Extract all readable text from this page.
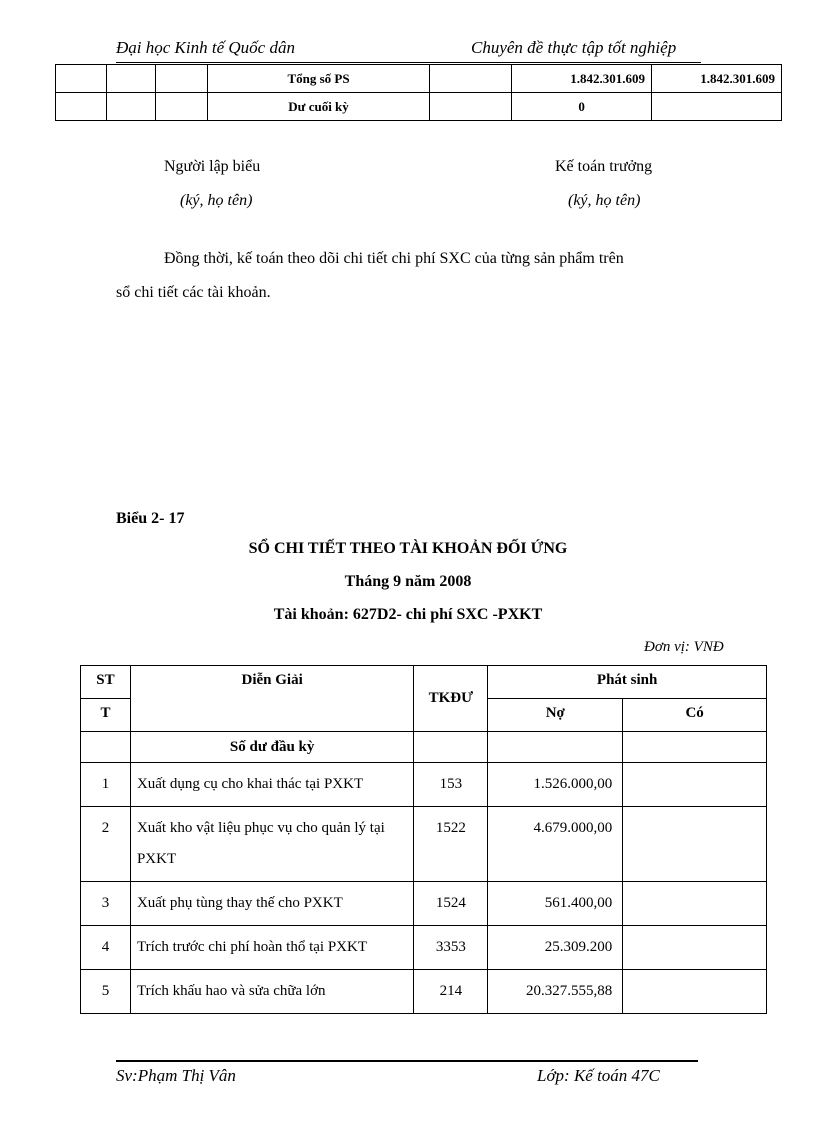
Đại học Kinh tế Quốc dân	Chuyên đề thực tập tốt nghiệp
			Tổng số PS		1.842.301.609	1.842.301.609
			Dư cuối kỳ		0	
Người lập biểu
(ký, họ tên)
Kế toán trưởng
(ký, họ tên)
Đồng thời, kế toán theo dõi chi tiết chi phí SXC của từng sản phẩm trên
sổ chi tiết các tài khoản.
Biểu 2- 17
SỔ CHI TIẾT THEO TÀI KHOẢN ĐỐI ỨNG
Tháng 9 năm 2008
Tài khoản: 627D2- chi phí SXC -PXKT
Đơn vị: VNĐ
ST	Diễn Giải	TKĐƯ	Phát sinh	
T			Nợ	Có
	Số dư đầu kỳ			
1	Xuất dụng cụ cho khai thác tại PXKT	153	1.526.000,00	
2	Xuất kho vật liệu phục vụ cho quản lý tại PXKT	1522	4.679.000,00	
3	Xuất phụ tùng thay thế cho PXKT	1524	561.400,00	
4	Trích trước chi phí hoàn thổ tại PXKT	3353	25.309.200	
5	Trích khấu hao và sửa chữa lớn	214	20.327.555,88	
Sv:Phạm Thị Vân	Lớp: Kế toán 47C
